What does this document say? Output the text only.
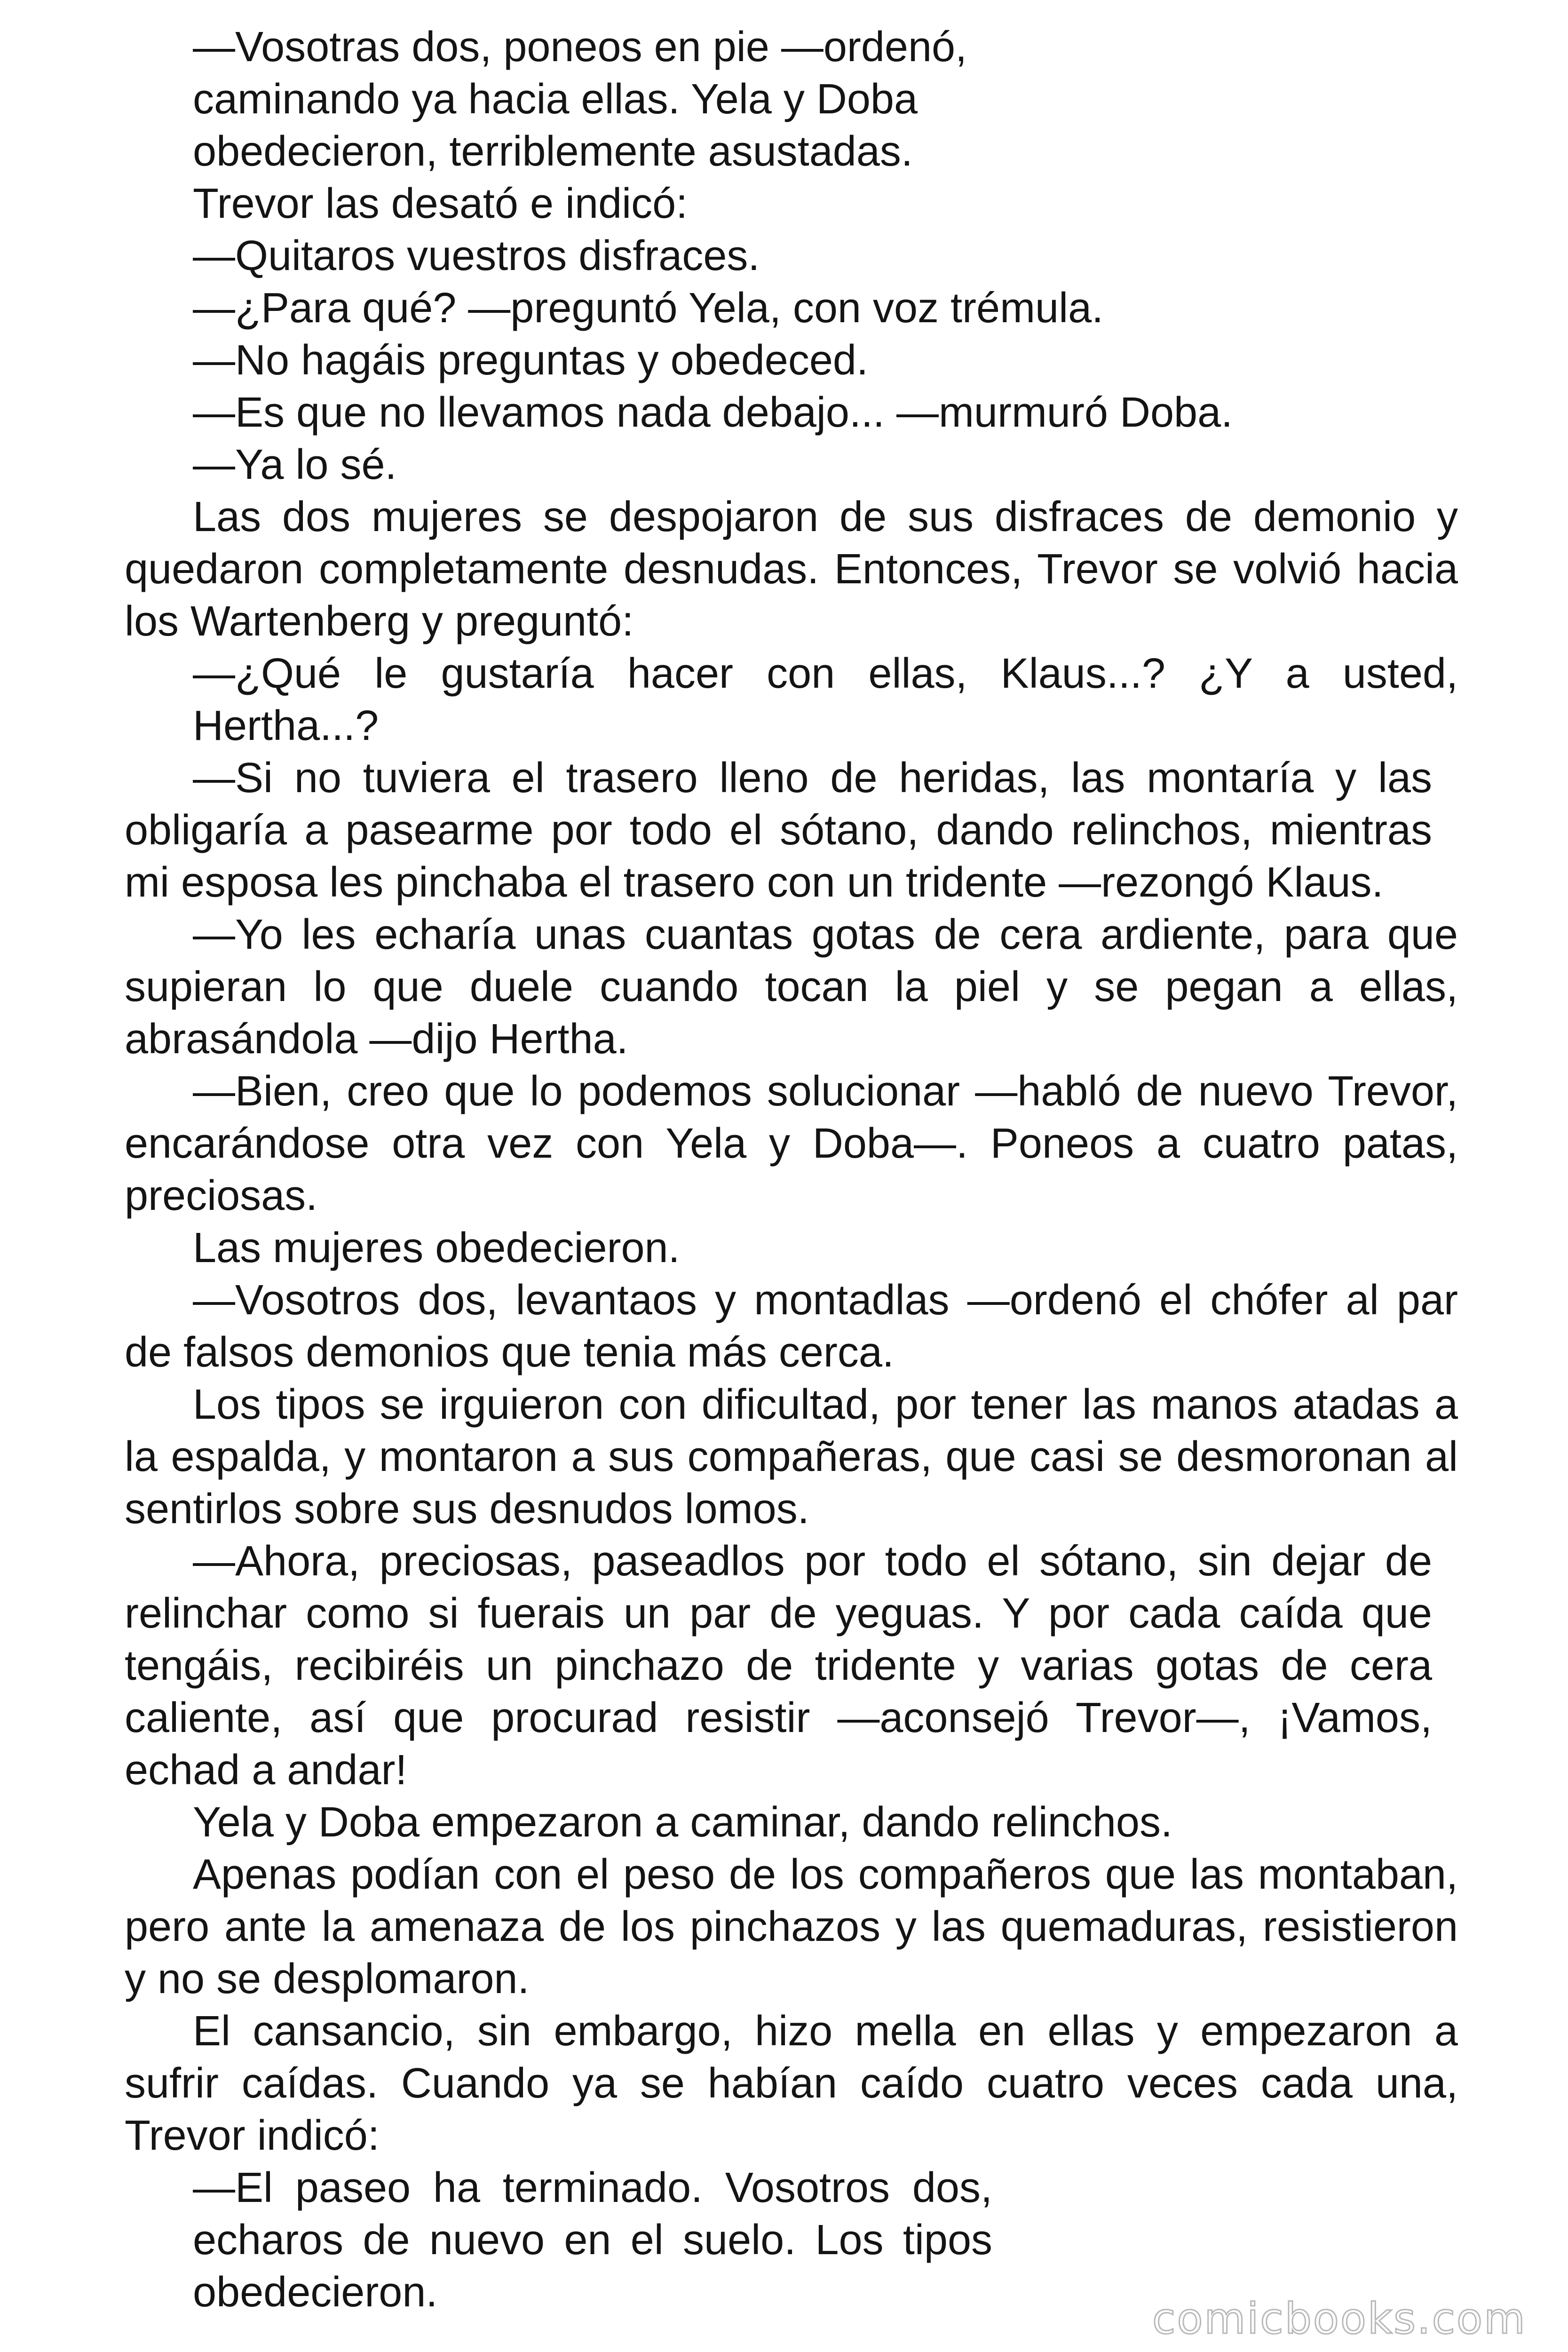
—Vosotras dos, poneos en pie —ordenó,
caminando ya hacia ellas. Yela y Doba
obedecieron, terriblemente asustadas.
Trevor las desató e indicó:
—Quitaros vuestros disfraces.
—¿Para qué? —preguntó Yela, con voz trémula.
—No hagáis preguntas y obedeced.
—Es que no llevamos nada debajo... —murmuró Doba.
—Ya lo sé.

Las dos mujeres se despojaron de sus disfraces de demonio y quedaron completamente desnudas. Entonces, Trevor se volvió hacia los Wartenberg y preguntó:

—¿Qué le gustaría hacer con ellas, Klaus...? ¿Y a usted,
Hertha...?

—Si no tuviera el trasero lleno de heridas, las montaría y las obligaría a pasearme por todo el sótano, dando relinchos, mientras mi esposa les pinchaba el trasero con un tridente —rezongó Klaus.

—Yo les echaría unas cuantas gotas de cera ardiente, para que supieran lo que duele cuando tocan la piel y se pegan a ellas, abrasándola —dijo Hertha.

—Bien, creo que lo podemos solucionar —habló de nuevo Trevor, encarándose otra vez con Yela y Doba—. Poneos a cuatro patas, preciosas.

Las mujeres obedecieron.

—Vosotros dos, levantaos y montadlas —ordenó el chófer al par de falsos demonios que tenia más cerca.

Los tipos se irguieron con dificultad, por tener las manos atadas a la espalda, y montaron a sus compañeras, que casi se desmoronan al sentirlos sobre sus desnudos lomos.

—Ahora, preciosas, paseadlos por todo el sótano, sin dejar de relinchar como si fuerais un par de yeguas. Y por cada caída que tengáis, recibiréis un pinchazo de tridente y varias gotas de cera caliente, así que procurad resistir —aconsejó Trevor—, ¡Vamos, echad a andar!

Yela y Doba empezaron a caminar, dando relinchos.

Apenas podían con el peso de los compañeros que las montaban, pero ante la amenaza de los pinchazos y las quemaduras, resistieron y no se desplomaron.

El cansancio, sin embargo, hizo mella en ellas y empezaron a sufrir caídas. Cuando ya se habían caído cuatro veces cada una, Trevor indicó:

—El paseo ha terminado. Vosotros dos,
echaros de nuevo en el suelo. Los tipos
obedecieron.
comicbooks.com
